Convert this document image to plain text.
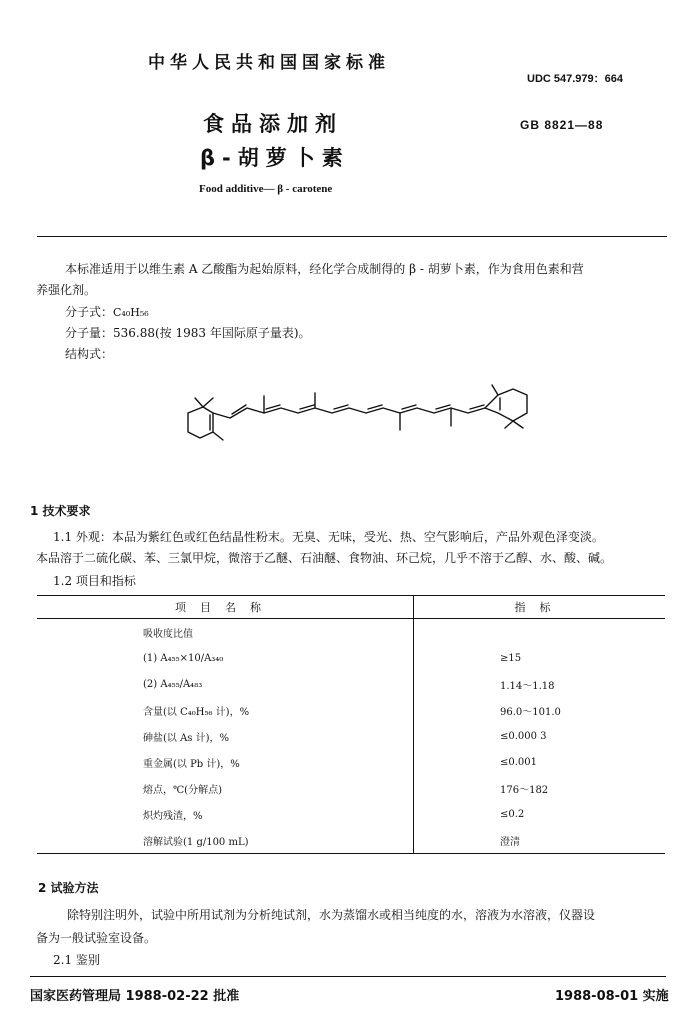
中华人民共和国国家标准
UDC 547.979：664
食品添加剂
β-胡萝卜素
GB 8821—88
Food additive— β - carotene
本标准适用于以维生素 A 乙酸酯为起始原料，经化学合成制得的 β - 胡萝卜素，作为食用色素和营
养强化剂。
分子式：C₄₀H₅₆
分子量：536.88(按 1983 年国际原子量表)。
结构式：
1 技术要求
1.1 外观：本品为紫红色或红色结晶性粉末。无臭、无味，受光、热、空气影响后，产品外观色泽变淡。
本品溶于二硫化碳、苯、三氯甲烷，微溶于乙醚、石油醚、食物油、环己烷，几乎不溶于乙醇、水、酸、碱。
1.2 项目和指标
项目名称	指标
吸收度比值	
(1) A₄₅₅×10/A₃₄₀	≥15
(2) A₄₅₅/A₄₈₃	1.14～1.18
含量(以 C₄₀H₅₆ 计)，%	96.0～101.0
砷盐(以 As 计)，%	≤0.000 3
重金属(以 Pb 计)，%	≤0.001
熔点，℃(分解点)	176～182
炽灼残渣，%	≤0.2
溶解试验(1 g/100 mL)	澄清
2 试验方法
除特别注明外，试验中所用试剂为分析纯试剂，水为蒸馏水或相当纯度的水，溶液为水溶液，仪器设
备为一般试验室设备。
2.1 鉴别
国家医药管理局 1988-02-22 批准	1988-08-01 实施
